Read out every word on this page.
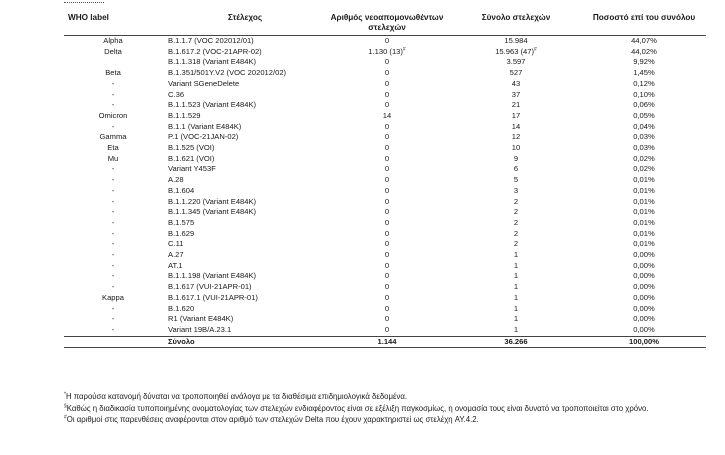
WHO label	Στέλεχος	Αριθμός νεοαπομονωθέντων στελεχών	Σύνολο στελεχών	Ποσοστό επί του συνόλου
Alpha	B.1.1.7 (VOC 202012/01)	0	15.984	44,07%
Delta	B.1.617.2 (VOC-21APR-02)	1.130 (13)#	15.963 (47)#	44,02%
	B.1.1.318 (Variant E484K)	0	3.597	9,92%
Beta	B.1.351/501Y.V2 (VOC 202012/02)	0	527	1,45%
-	Variant SGeneDelete	0	43	0,12%
-	C.36	0	37	0,10%
-	B.1.1.523 (Variant E484K)	0	21	0,06%
Omicron	B.1.1.529	14	17	0,05%
-	B.1.1 (Variant E484K)	0	14	0,04%
Gamma	P.1 (VOC-21JAN-02)	0	12	0,03%
Eta	B.1.525 (VOI)	0	10	0,03%
Mu	B.1.621 (VOI)	0	9	0,02%
-	Variant Y453F	0	6	0,02%
-	A.28	0	5	0,01%
-	B.1.604	0	3	0,01%
-	B.1.1.220 (Variant E484K)	0	2	0,01%
-	B.1.1.345 (Variant E484K)	0	2	0,01%
-	B.1.575	0	2	0,01%
-	B.1.629	0	2	0,01%
-	C.11	0	2	0,01%
-	A.27	0	1	0,00%
-	AT.1	0	1	0,00%
-	B.1.1.198 (Variant E484K)	0	1	0,00%
-	B.1.617 (VUI-21APR-01)	0	1	0,00%
Kappa	B.1.617.1 (VUI-21APR-01)	0	1	0,00%
-	B.1.620	0	1	0,00%
-	R1 (Variant E484K)	0	1	0,00%
-	Variant 19B/A.23.1	0	1	0,00%
	Σύνολο	1.144	36.266	100,00%

*Η παρούσα κατανομή δύναται να τροποποιηθεί ανάλογα με τα διαθέσιμα επιδημιολογικά δεδομένα.

§Καθώς η διαδικασία τυποποιημένης ονοματολογίας των στελεχών ενδιαφέροντος είναι σε εξέλιξη παγκοσμίως, η ονομασία τους είναι δυνατό να τροποποιείται στο χρόνο.

#Οι αριθμοί στις παρενθέσεις αναφέρονται στον αριθμό των στελεχών Delta που έχουν χαρακτηριστεί ως στελέχη AY.4.2.
